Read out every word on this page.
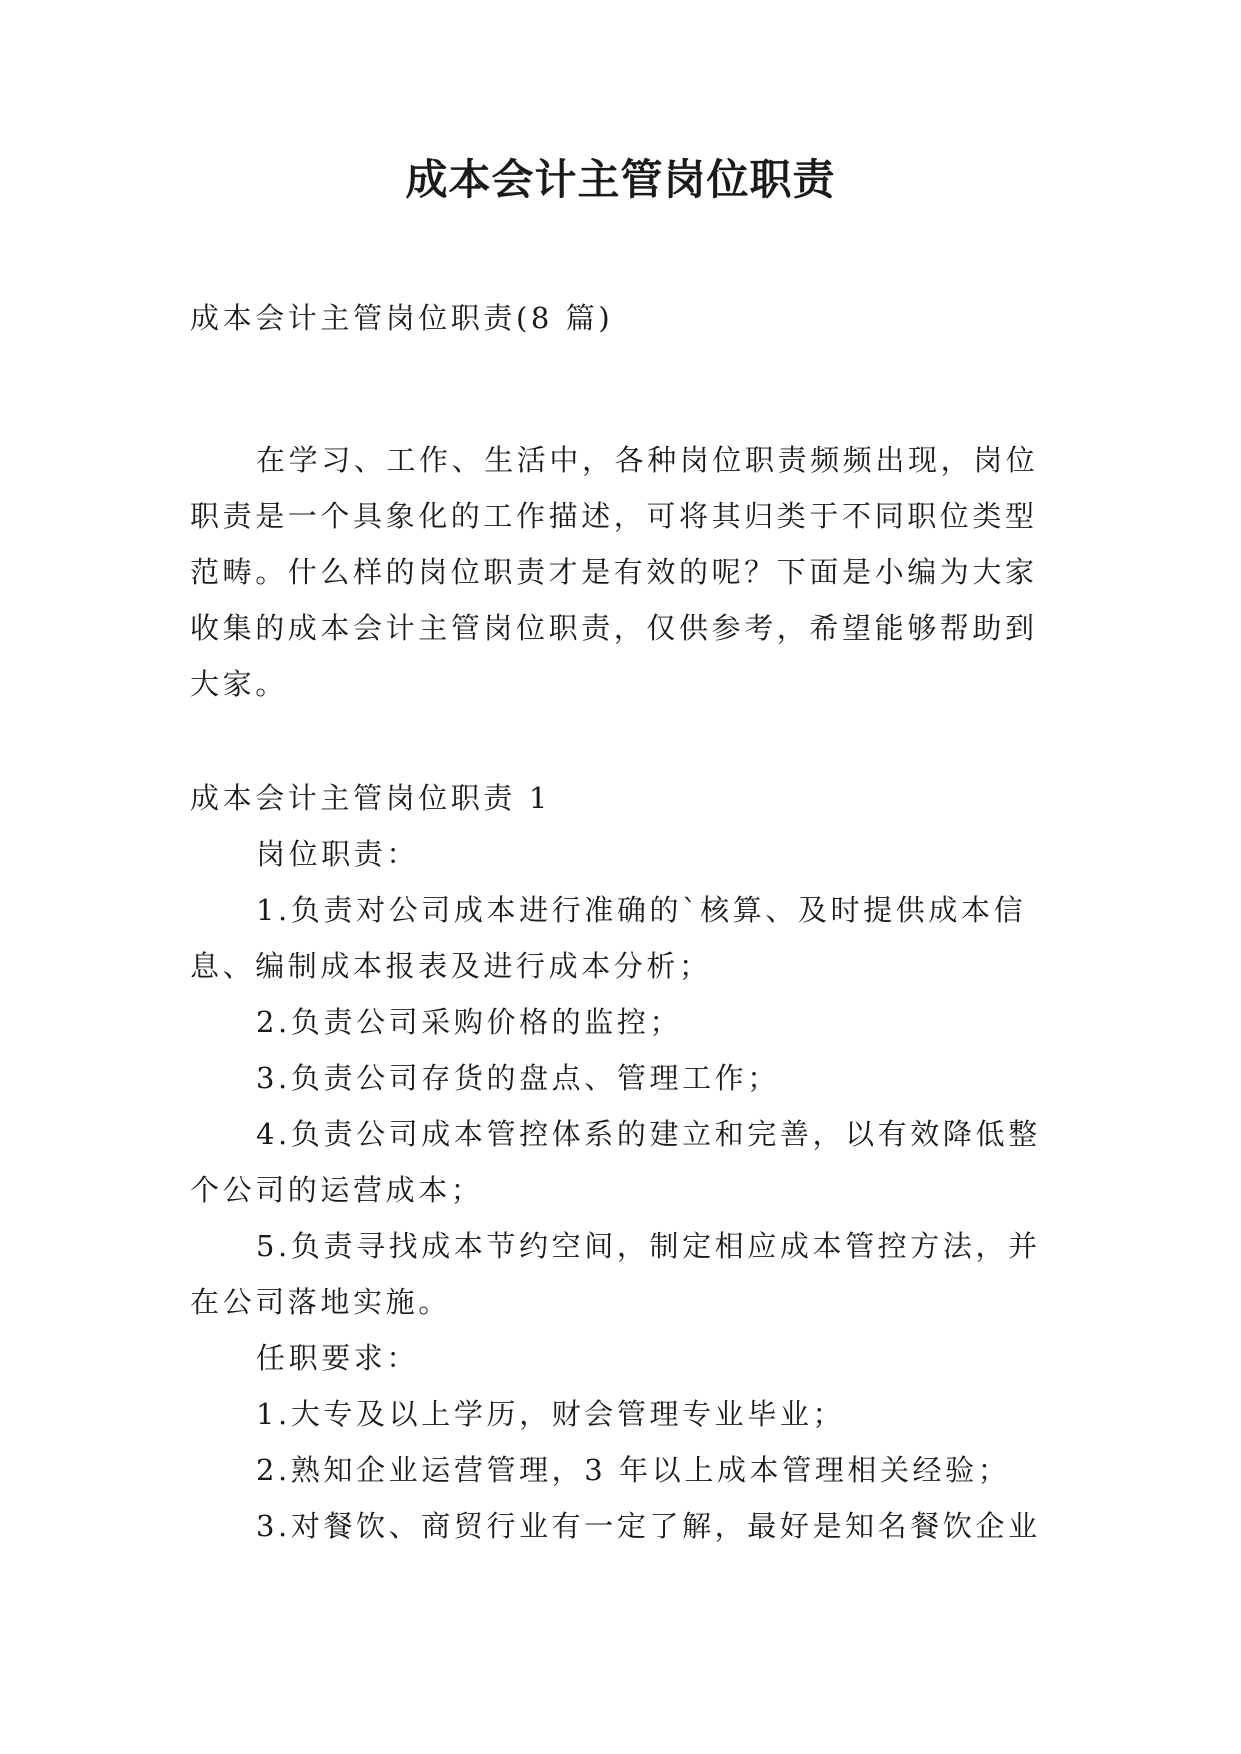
成本会计主管岗位职责

成本会计主管岗位职责(8 篇)

在学习、工作、生活中，各种岗位职责频频出现，岗位职责是一个具象化的工作描述，可将其归类于不同职位类型范畴。什么样的岗位职责才是有效的呢？下面是小编为大家收集的成本会计主管岗位职责，仅供参考，希望能够帮助到大家。

成本会计主管岗位职责 1

岗位职责：

1.负责对公司成本进行准确的`核算、及时提供成本信息、编制成本报表及进行成本分析；

2.负责公司采购价格的监控；

3.负责公司存货的盘点、管理工作；

4.负责公司成本管控体系的建立和完善，以有效降低整个公司的运营成本；

5.负责寻找成本节约空间，制定相应成本管控方法，并在公司落地实施。

任职要求：

1.大专及以上学历，财会管理专业毕业；

2.熟知企业运营管理，3 年以上成本管理相关经验；

3.对餐饮、商贸行业有一定了解，最好是知名餐饮企业
